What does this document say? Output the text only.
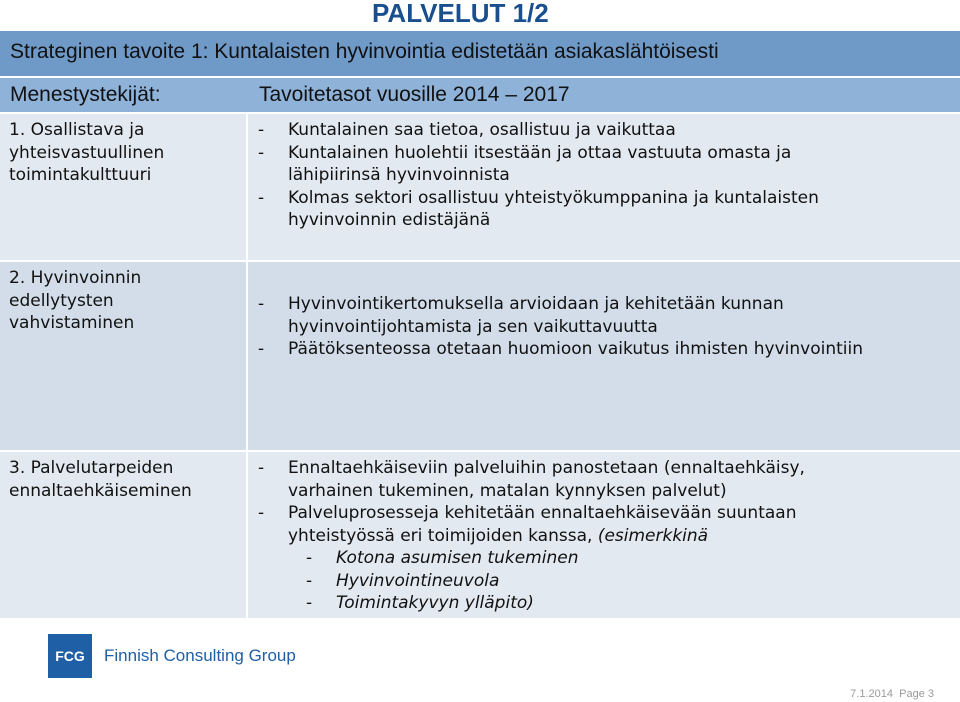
PALVELUT 1/2
Strateginen tavoite 1: Kuntalaisten hyvinvointia edistetään asiakaslähtöisesti
Menestystekijät:	Tavoitetasot vuosille 2014 – 2017
1. Osallistava ja
yhteisvastuullinen
toimintakulttuuri
- Kuntalainen saa tietoa, osallistuu ja vaikuttaa
- Kuntalainen huolehtii itsestään ja ottaa vastuuta omasta ja
lähipiirinsä hyvinvoinnista
- Kolmas sektori osallistuu yhteistyökumppanina ja kuntalaisten
hyvinvoinnin edistäjänä
2. Hyvinvoinnin
edellytysten
vahvistaminen
- Hyvinvointikertomuksella arvioidaan ja kehitetään kunnan
hyvinvointijohtamista ja sen vaikuttavuutta
- Päätöksenteossa otetaan huomioon vaikutus ihmisten hyvinvointiin
3. Palvelutarpeiden
ennaltaehkäiseminen
- Ennaltaehkäiseviin palveluihin panostetaan (ennaltaehkäisy,
varhainen tukeminen, matalan kynnyksen palvelut)
- Palveluprosesseja kehitetään ennaltaehkäisevään suuntaan
yhteistyössä eri toimijoiden kanssa, (esimerkkinä
- Kotona asumisen tukeminen
- Hyvinvointineuvola
- Toimintakyvyn ylläpito)
FCG	Finnish Consulting Group
7.1.2014 Page 3
